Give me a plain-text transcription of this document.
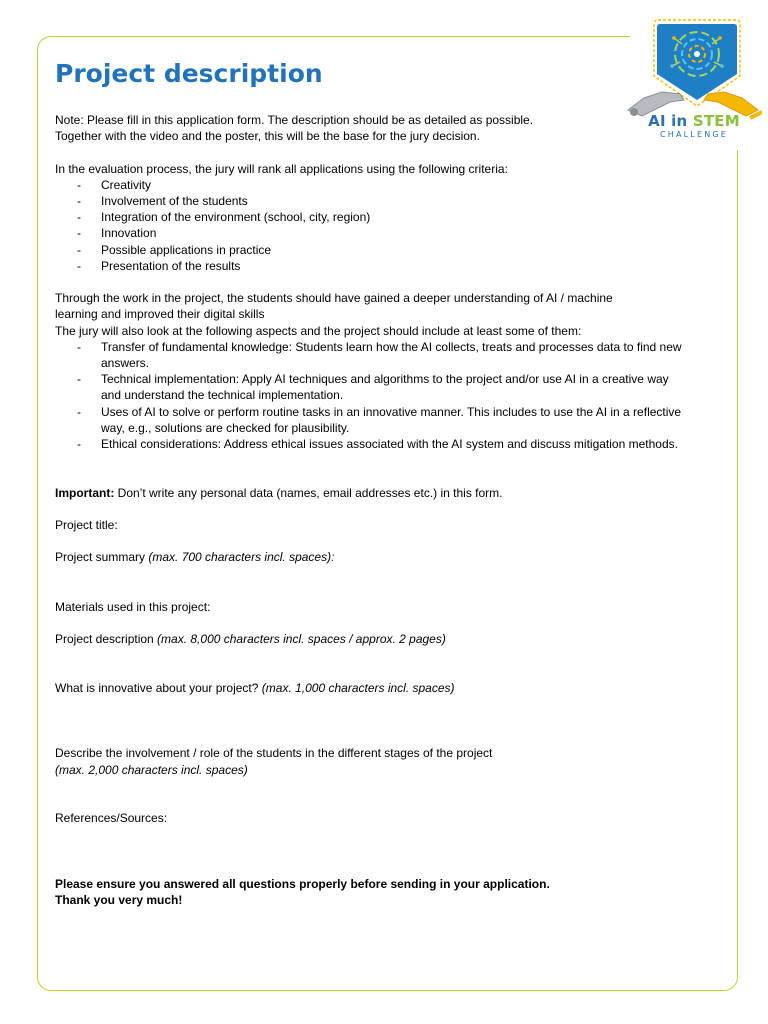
AI in STEM
CHALLENGE
Project description

Note: Please fill in this application form. The description should be as detailed as possible.

Together with the video and the poster, this will be the base for the jury decision.

In the evaluation process, the jury will rank all applications using the following criteria:

- Creativity
- Involvement of the students
- Integration of the environment (school, city, region)
- Innovation
- Possible applications in practice
- Presentation of the results

Through the work in the project, the students should have gained a deeper understanding of AI / machine

learning and improved their digital skills

The jury will also look at the following aspects and the project should include at least some of them:

- Transfer of fundamental knowledge: Students learn how the AI collects, treats and processes data to find new answers.
- Technical implementation: Apply AI techniques and algorithms to the project and/or use AI in a creative way and understand the technical implementation.
- Uses of AI to solve or perform routine tasks in an innovative manner. This includes to use the AI in a reflective way, e.g., solutions are checked for plausibility.
- Ethical considerations: Address ethical issues associated with the AI system and discuss mitigation methods.

Important: Don’t write any personal data (names, email addresses etc.) in this form.

Project title:

Project summary (max. 700 characters incl. spaces):

Materials used in this project:

Project description (max. 8,000 characters incl. spaces / approx. 2 pages)

What is innovative about your project? (max. 1,000 characters incl. spaces)

Describe the involvement / role of the students in the different stages of the project

(max. 2,000 characters incl. spaces)

References/Sources:

Please ensure you answered all questions properly before sending in your application.

Thank you very much!
